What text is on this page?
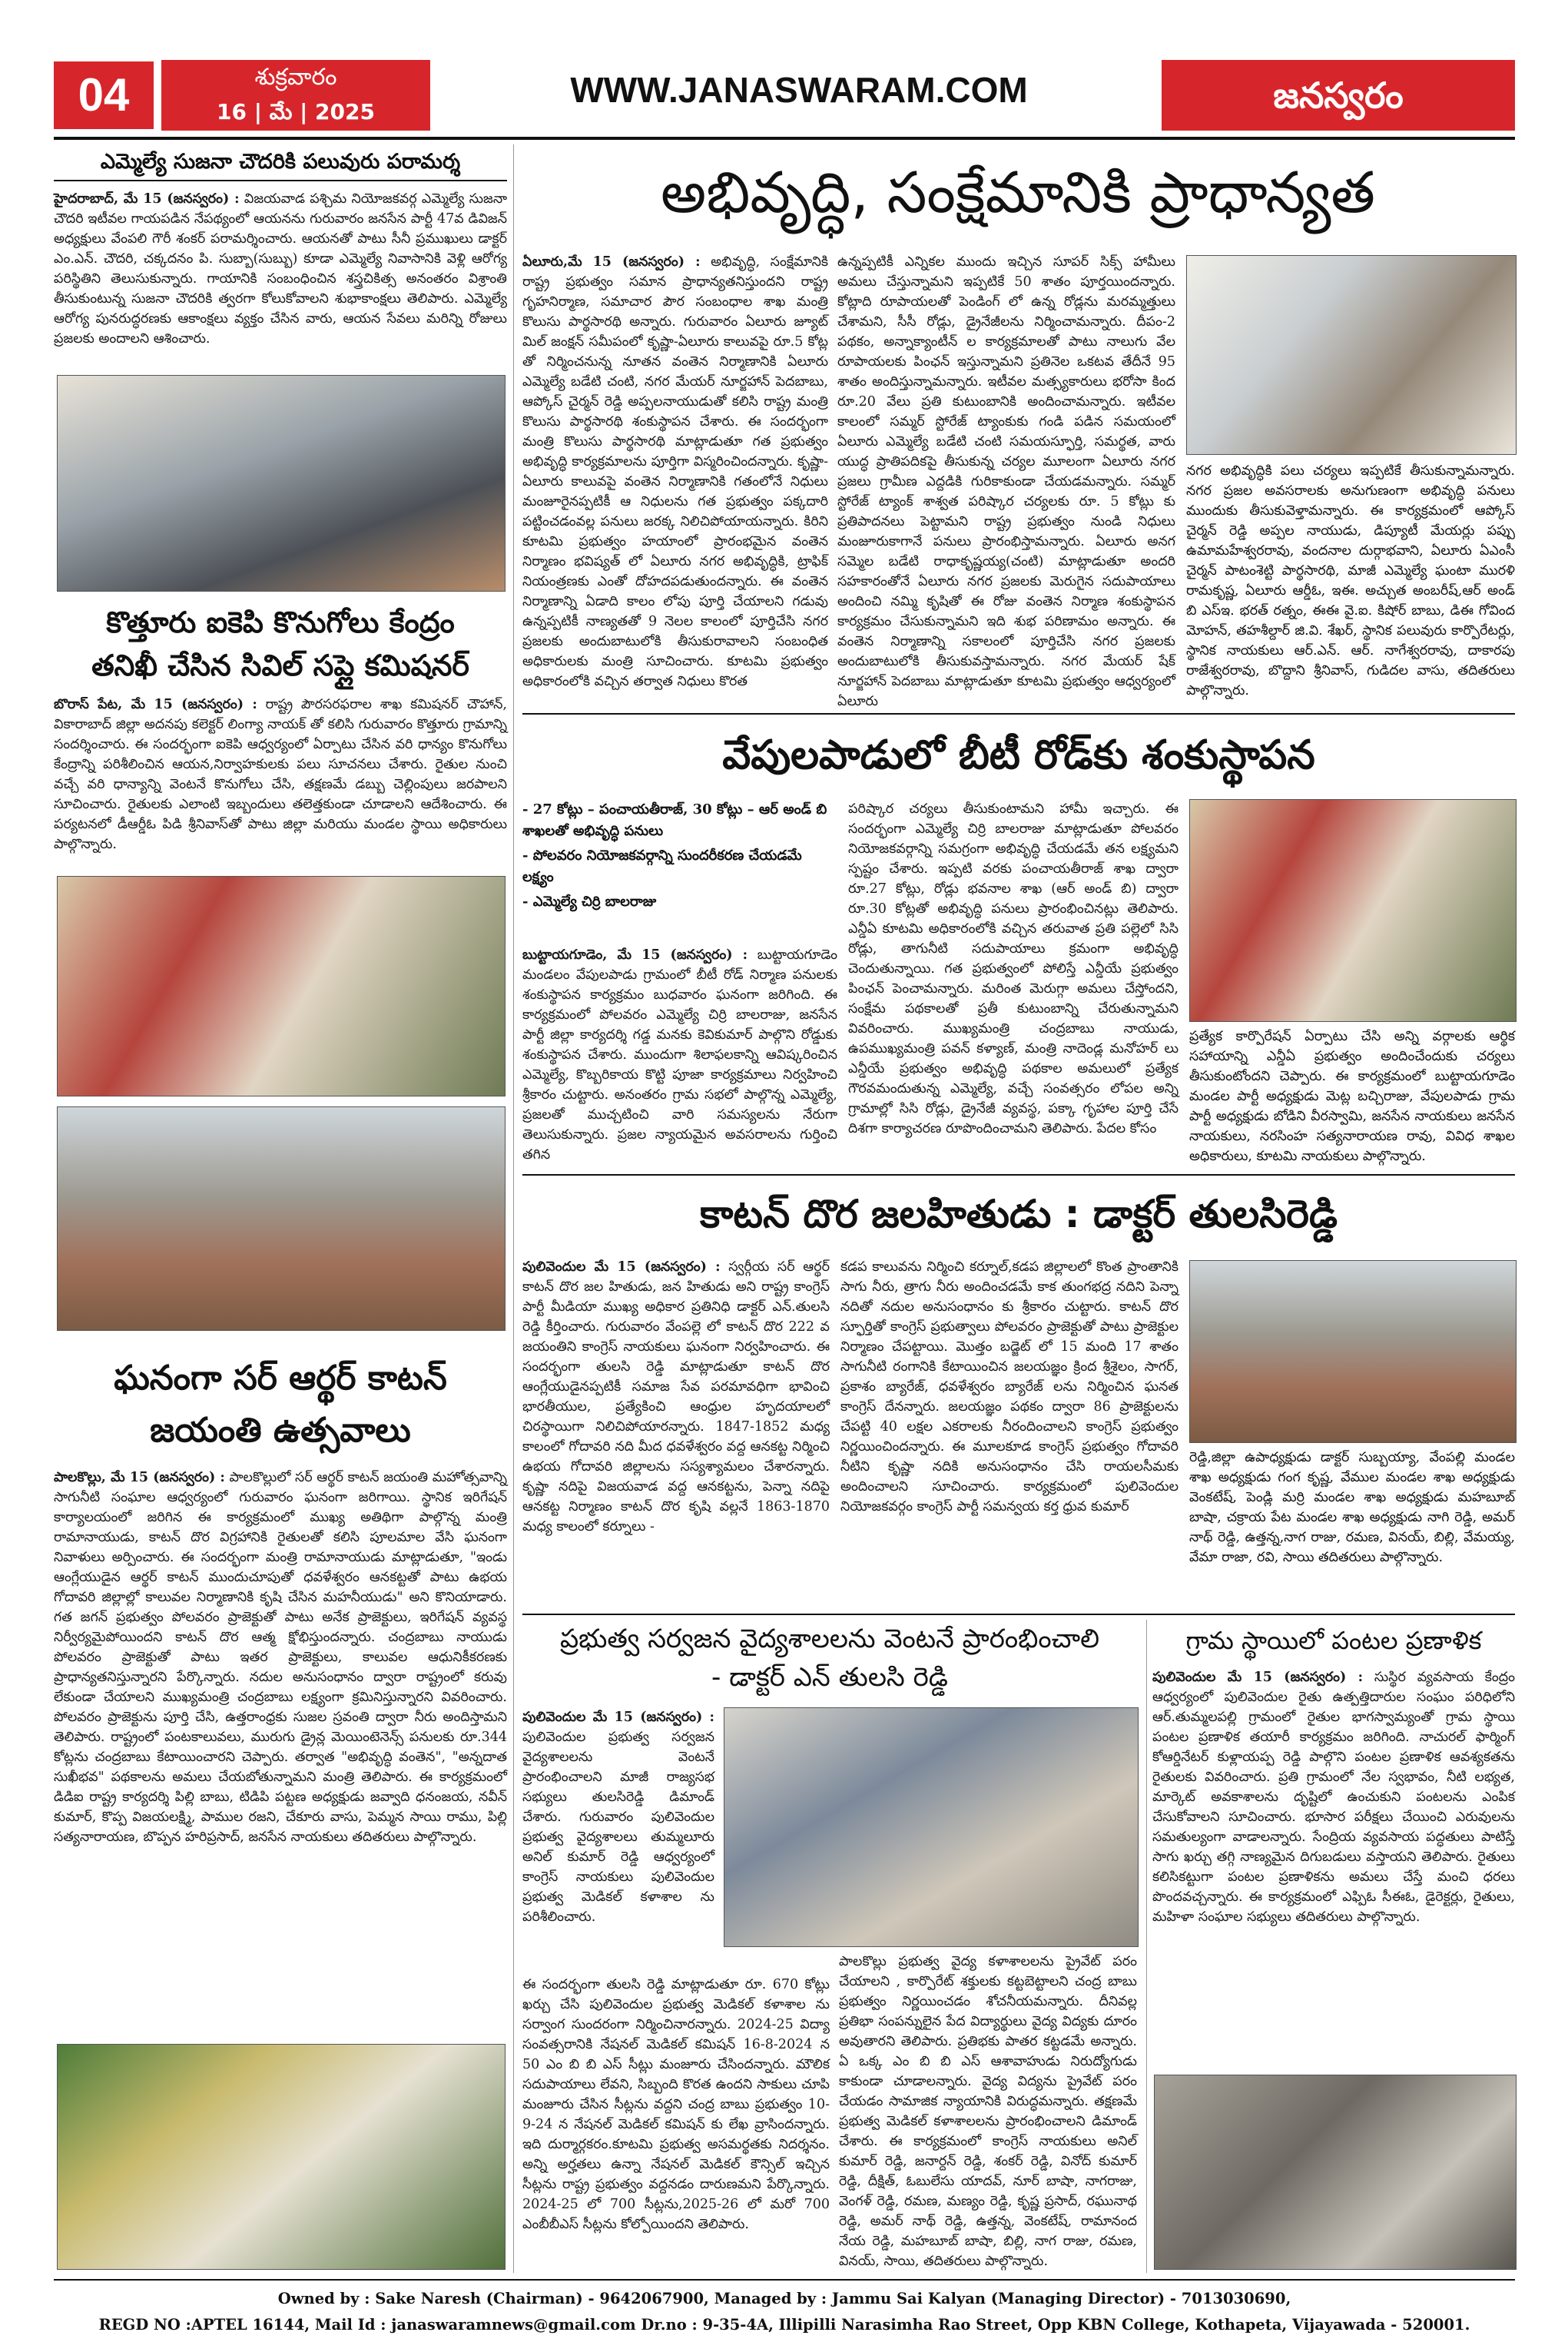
04	శుక్రవారం
16 | మే | 2025
WWW.JANASWARAM.COM	జనస్వరం
ఎమ్మెల్యే సుజనా చౌదరికి పలువురు పరామర్శ
హైదరాబాద్‌, మే 15 (జనస్వరం) : విజయవాడ పశ్చిమ నియోజకవర్గ ఎమ్మెల్యే సుజనా చౌదరి ఇటీవల గాయపడిన నేపథ్యంలో ఆయనను గురువారం జనసేన పార్టీ 47వ డివిజన్ అధ్యక్షులు వేంపలి గౌరీ శంకర్ పరామర్శించారు. ఆయనతో పాటు సీనీ ప్రముఖులు డాక్టర్ ఎం.ఎన్. చౌదరి, చక్కదనం పి. సుబ్బా(సుబ్బు) కూడా ఎమ్మెల్యే నివాసానికి వెళ్లి ఆరోగ్య పరిస్థితిని తెలుసుకున్నారు. గాయానికి సంబంధించిన శస్త్రచికిత్స అనంతరం విశ్రాంతి తీసుకుంటున్న సుజనా చౌదరికి త్వరగా కోలుకోవాలని శుభాకాంక్షలు తెలిపారు. ఎమ్మెల్యే ఆరోగ్య పునరుద్ధరణకు ఆకాంక్షలు వ్యక్తం చేసిన వారు, ఆయన సేవలు మరిన్ని రోజులు ప్రజలకు అందాలని ఆశించారు.
కొత్తూరు ఐకెపి కొనుగోలు కేంద్రం
తనిఖీ చేసిన సివిల్ సప్లై కమిషనర్
బొరాస్ పేట, మే 15 (జనస్వరం) : రాష్ట్ర పౌరసరఫరాల శాఖ కమిషనర్ చౌహాన్, వికారాబాద్ జిల్లా అదనపు కలెక్టర్ లింగ్యా నాయక్ తో కలిసి గురువారం కొత్తూరు గ్రామాన్ని సందర్శించారు. ఈ సందర్భంగా ఐకెపి ఆధ్వర్యంలో ఏర్పాటు చేసిన వరి ధాన్యం కొనుగోలు కేంద్రాన్ని పరిశీలించిన ఆయన,నిర్వాహకులకు పలు సూచనలు చేశారు. రైతుల నుంచి వచ్చే వరి ధాన్యాన్ని వెంటనే కొనుగోలు చేసి, తక్షణమే డబ్బు చెల్లింపులు జరపాలని సూచించారు. రైతులకు ఎలాంటి ఇబ్బందులు తలెత్తకుండా చూడాలని ఆదేశించారు. ఈ పర్యటనలో డీఆర్డీఓ పిడి శ్రీనివాస్‌తో పాటు జిల్లా మరియు మండల స్థాయి అధికారులు పాల్గొన్నారు.
ఘనంగా సర్ ఆర్థర్ కాటన్
జయంతి ఉత్సవాలు
పాలకొల్లు, మే 15 (జనస్వరం) : పాలకొల్లులో సర్ ఆర్థర్ కాటన్ జయంతి మహోత్సవాన్ని సాగునీటి సంఘాల ఆధ్వర్యంలో గురువారం ఘనంగా జరిగాయి. స్థానిక ఇరిగేషన్ కార్యాలయంలో జరిగిన ఈ కార్యక్రమంలో ముఖ్య అతిథిగా పాల్గొన్న మంత్రి రామానాయుడు, కాటన్ దొర విగ్రహానికి రైతులతో కలిసి పూలమాల వేసి ఘనంగా నివాళులు అర్పించారు. ఈ సందర్భంగా మంత్రి రామానాయుడు మాట్లాడుతూ, "ఇండు ఆంగ్లేయుడైన ఆర్థర్ కాటన్ ముందుచూపుతో ధవళేశ్వరం ఆనకట్టతో పాటు ఉభయ గోదావరి జిల్లాల్లో కాలువల నిర్మాణానికి కృషి చేసిన మహనీయుడు" అని కొనియాడారు. గత జగన్ ప్రభుత్వం పోలవరం ప్రాజెక్టుతో పాటు అనేక ప్రాజెక్టులు, ఇరిగేషన్ వ్యవస్థ నిర్వీర్యమైపోయిందని కాటన్ దొర ఆత్మ క్షోభిస్తుందన్నారు. చంద్రబాబు నాయుడు పోలవరం ప్రాజెక్టుతో పాటు ఇతర ప్రాజెక్టులు, కాలువల ఆధునికీకరణకు ప్రాధాన్యతనిస్తున్నారని పేర్కొన్నారు. నదుల అనుసంధానం ద్వారా రాష్ట్రంలో కరువు లేకుండా చేయాలని ముఖ్యమంత్రి చంద్రబాబు లక్ష్యంగా క్రమినిస్తున్నారని వివరించారు. పోలవరం ప్రాజెక్టును పూర్తి చేసి, ఉత్తరాంధ్రకు సుజల స్రవంతి ద్వారా నీరు అందిస్తామని తెలిపారు. రాష్ట్రంలో పంటకాలువలు, మురుగు డ్రైన్ల మెయింటెనెన్స్ పనులకు రూ.344 కోట్లను చంద్రబాబు కేటాయించారని చెప్పారు. తర్వాత "అభివృద్ధి వంతెన", "అన్నదాత సుఖీభవ" పథకాలను అమలు చేయబోతున్నామని మంత్రి తెలిపారు. ఈ కార్యక్రమంలో డిడిఐ రాష్ట్ర కార్యదర్శి పిల్లి బాబు, టిడిపి పట్టణ అధ్యక్షుడు జవ్వాది ధనంజయ, నవీన్ కుమార్, కొప్ప విజయలక్ష్మి, పాముల రజని, చేకూరు వాసు, పెమ్మన సాయి రాము, పిల్లి సత్యనారాయణ, బొప్పన హరిప్రసాద్, జనసేన నాయకులు తదితరులు పాల్గొన్నారు.
అభివృద్ధి, సంక్షేమానికి ప్రాధాన్యత
ఏలూరు,మే 15 (జనస్వరం) : అభివృద్ధి, సంక్షేమానికి రాష్ట్ర ప్రభుత్వం సమాన ప్రాధాన్యతనిస్తుందని రాష్ట్ర గృహనిర్మాణ, సమాచార పౌర సంబంధాల శాఖ మంత్రి కొలుసు పార్థసారథి అన్నారు. గురువారం ఏలూరు జ్యూట్ మిల్ జంక్షన్ సమీపంలో కృష్ణా-ఏలూరు కాలువపై రూ.5 కోట్ల తో నిర్మించనున్న నూతన వంతెన నిర్మాణానికి ఏలూరు ఎమ్మెల్యే బడేటి చంటి, నగర మేయర్ నూర్జహాన్ పెదబాబు, ఆప్కోస్ చైర్మన్ రెడ్డి అప్పలనాయుడుతో కలిసి రాష్ట్ర మంత్రి కొలుసు పార్థసారథి శంకుస్థాపన చేశారు. ఈ సందర్భంగా మంత్రి కొలుసు పార్థసారథి మాట్లాడుతూ గత ప్రభుత్వం అభివృద్ధి కార్యక్రమాలను పూర్తిగా విస్మరించిందన్నారు. కృష్ణా-ఏలూరు కాలువపై వంతెన నిర్మాణానికి గతంలోనే నిధులు మంజూరైనప్పటికీ ఆ నిధులను గత ప్రభుత్వం పక్కదారి పట్టించడంవల్ల పనులు జరక్క నిలిచిపోయాయన్నారు. కిరిని కూటమి ప్రభుత్వం హయాంలో ప్రారంభమైన వంతెన నిర్మాణం భవిష్యత్ లో ఏలూరు నగర అభివృద్ధికి, ట్రాఫిక్ నియంత్రణకు ఎంతో దోహదపడుతుందన్నారు. ఈ వంతెన నిర్మాణాన్ని ఏడాది కాలం లోపు పూర్తి చేయాలని గడువు ఉన్నప్పటికీ నాణ్యతతో 9 నెలల కాలంలో పూర్తిచేసి నగర ప్రజలకు అందుబాటులోకి తీసుకురావాలని సంబంధిత అధికారులకు మంత్రి సూచించారు. కూటమి ప్రభుత్వం అధికారంలోకి వచ్చిన తర్వాత నిధులు కొరత
ఉన్నప్పటికీ ఎన్నికల ముందు ఇచ్చిన సూపర్ సిక్స్ హామీలు అమలు చేస్తున్నామని ఇప్పటికే 50 శాతం పూర్తయిందన్నారు. కోట్లాది రూపాయలతో పెండింగ్ లో ఉన్న రోడ్లను మరమ్మత్తులు చేశామని, సీసీ రోడ్లు, డ్రైనేజీలను నిర్మించామన్నారు. దీపం-2 పథకం, అన్నాక్యాంటీన్ ల కార్యక్రమాలతో పాటు నాలుగు వేల రూపాయలకు పింఛన్ ఇస్తున్నామని ప్రతినెల ఒకటవ తేదీనే 95 శాతం అందిస్తున్నామన్నారు. ఇటీవల మత్స్యకారులు భరోసా కింద రూ.20 వేలు ప్రతి కుటుంబానికి అందించామన్నారు. ఇటీవల కాలంలో సమ్మర్ స్టోరేజ్ ట్యాంకుకు గండి పడిన సమయంలో ఏలూరు ఎమ్మెల్యే బడేటి చంటి సమయస్ఫూర్తి, సమర్థత, వారు యుద్ధ ప్రాతిపదికపై తీసుకున్న చర్యల మూలంగా ఏలూరు నగర ప్రజలు గ్రామీణ ఎద్దడికి గురికాకుండా చేయడమన్నారు. సమ్మర్ స్టోరేజ్ ట్యాంక్ శాశ్వత పరిష్కార చర్యలకు రూ. 5 కోట్లు కు ప్రతిపాదనలు పెట్టామని రాష్ట్ర ప్రభుత్వం నుండి నిధులు మంజూరుకాగానే పనులు ప్రారంభిస్తామన్నారు. ఏలూరు అనగ సమ్మెల బడేటి రాధాకృష్ణయ్య(చంటి) మాట్లాడుతూ అందరి సహకారంతోనే ఏలూరు నగర ప్రజలకు మెరుగైన సదుపాయాలు అందించి నమ్మి కృషితో ఈ రోజు వంతెన నిర్మాణ శంకుస్థాపన కార్యక్రమం చేసుకున్నామని ఇది శుభ పరిణామం అన్నారు. ఈ వంతెన నిర్మాణాన్ని సకాలంలో పూర్తిచేసి నగర ప్రజలకు అందుబాటులోకి తీసుకువస్తామన్నారు. నగర మేయర్ షేక్ నూర్జహాన్ పెదబాబు మాట్లాడుతూ కూటమి ప్రభుత్వం ఆధ్వర్యంలో ఏలూరు
నగర అభివృద్ధికి పలు చర్యలు ఇప్పటికే తీసుకున్నామన్నారు. నగర ప్రజల అవసరాలకు అనుగుణంగా అభివృద్ధి పనులు ముందుకు తీసుకువెళ్తామన్నారు. ఈ కార్యక్రమంలో ఆప్కోస్ చైర్మన్ రెడ్డి అప్పల నాయుడు, డిప్యూటీ మేయర్లు పప్పు ఉమామహేశ్వరరావు, వందనాల దుర్గాభవాని, ఏలూరు ఏఎంసీ చైర్మన్ పాటంశెట్టి పార్థసారథి, మాజీ ఎమ్మెల్యే ఘంటా మురళి రామకృష్ణ, ఏలూరు ఆర్డీఓ, ఇఈ. అచ్చుత అంబరీష్,ఆర్ అండ్ బి ఎస్ఇ. భరత్ రత్నం, ఈఈ వై.ఐ. కిషోర్ బాబు, డిఈ గోవింద మోహన్, తహశీల్దార్ జి.వి. శేఖర్, స్థానిక పలువురు కార్పొరేటర్లు, స్థానిక నాయకులు ఆర్.ఎన్. ఆర్. నాగేశ్వరరావు, దాకారపు రాజేశ్వరరావు, బొద్దాని శ్రీనివాస్, గుడిదల వాసు, తదితరులు పాల్గొన్నారు.
వేపులపాడులో బీటీ రోడ్‌కు శంకుస్థాపన
- 27 కోట్లు – పంచాయతీరాజ్, 30 కోట్లు – ఆర్ అండ్ బి శాఖలతో అభివృద్ధి పనులు
- పోలవరం నియోజకవర్గాన్ని సుందరీకరణ చేయడమే లక్ష్యం
- ఎమ్మెల్యే చిర్రి బాలరాజు
బుట్టాయగూడెం, మే 15 (జనస్వరం) : బుట్టాయగూడెం మండలం వేపులపాడు గ్రామంలో బీటీ రోడ్ నిర్మాణ పనులకు శంకుస్థాపన కార్యక్రమం బుధవారం ఘనంగా జరిగింది. ఈ కార్యక్రమంలో పోలవరం ఎమ్మెల్యే చిర్రి బాలరాజు, జనసేన పార్టీ జిల్లా కార్యదర్శి గడ్డ మనకు కెవికుమార్ పాల్గొని రోడ్డుకు శంకుస్థాపన చేశారు. ముందుగా శిలాఫలకాన్ని ఆవిష్కరించిన ఎమ్మెల్యే, కొబ్బరికాయ కొట్టి పూజా కార్యక్రమాలు నిర్వహించి శ్రీకారం చుట్టారు. అనంతరం గ్రామ సభలో పాల్గొన్న ఎమ్మెల్యే, ప్రజలతో ముచ్చటించి వారి సమస్యలను నేరుగా తెలుసుకున్నారు. ప్రజల న్యాయమైన అవసరాలను గుర్తించి తగిన
పరిష్కార చర్యలు తీసుకుంటామని హామీ ఇచ్చారు. ఈ సందర్భంగా ఎమ్మెల్యే చిర్రి బాలరాజు మాట్లాడుతూ పోలవరం నియోజకవర్గాన్ని సమగ్రంగా అభివృద్ధి చేయడమే తన లక్ష్యమని స్పష్టం చేశారు. ఇప్పటి వరకు పంచాయతీరాజ్ శాఖ ద్వారా రూ.27 కోట్లు, రోడ్లు భవనాల శాఖ (ఆర్ అండ్ బి) ద్వారా రూ.30 కోట్లతో అభివృద్ధి పనులు ప్రారంభించినట్లు తెలిపారు. ఎన్డీఏ కూటమి అధికారంలోకి వచ్చిన తరువాత ప్రతి పల్లెలో సిసి రోడ్లు, తాగునీటి సదుపాయాలు క్రమంగా అభివృద్ధి చెందుతున్నాయి. గత ప్రభుత్వంలో పోలిస్తే ఎన్డీయే ప్రభుత్వం పింఛన్ పెంచామన్నారు. మరింత మెరుగ్గా అమలు చేస్తోందని, సంక్షేమ పథకాలతో ప్రతీ కుటుంబాన్ని చేరుతున్నామని వివరించారు. ముఖ్యమంత్రి చంద్రబాబు నాయుడు, ఉపముఖ్యమంత్రి పవన్ కళ్యాణ్, మంత్రి నాదెండ్ల మనోహర్ లు ఎన్డీయే ప్రభుత్వం అభివృద్ధి పథకాల అమలులో ప్రత్యేక గౌరవమందుతున్న ఎమ్మెల్యే, వచ్చే సంవత్సరం లోపల అన్ని గ్రామాల్లో సిసి రోడ్లు, డ్రైనేజీ వ్యవస్థ, పక్కా గృహాల పూర్తి చేసే దిశగా కార్యాచరణ రూపొందించామని తెలిపారు. పేదల కోసం
ప్రత్యేక కార్పొరేషన్ ఏర్పాటు చేసి అన్ని వర్గాలకు ఆర్థిక సహాయాన్ని ఎన్డీఏ ప్రభుత్వం అందించేందుకు చర్యలు తీసుకుంటోందని చెప్పారు. ఈ కార్యక్రమంలో బుట్టాయగూడెం మండల పార్టీ అధ్యక్షుడు మెట్ల బచ్చిరాజు, వేపులపాడు గ్రామ పార్టీ అధ్యక్షుడు బోడిని వీరస్వామి, జనసేన నాయకులు జనసేన నాయకులు, నరసింహ సత్యనారాయణ రావు, వివిధ శాఖల అధికారులు, కూటమి నాయకులు పాల్గొన్నారు.
కాటన్ దొర జలహితుడు : డాక్టర్ తులసిరెడ్డి
పులివెందుల మే 15 (జనస్వరం) : స్వర్గీయ సర్ ఆర్థర్ కాటన్ దొర జల హితుడు, జన హితుడు అని రాష్ట్ర కాంగ్రెస్ పార్టీ మీడియా ముఖ్య అధికార ప్రతినిధి డాక్టర్ ఎన్.తులసి రెడ్డి కీర్తించారు. గురువారం వేంపల్లె లో కాటన్ దొర 222 వ జయంతిని కాంగ్రెస్ నాయకులు ఘనంగా నిర్వహించారు. ఈ సందర్భంగా తులసి రెడ్డి మాట్లాడుతూ కాటన్ దొర ఆంగ్లేయుడైనప్పటికీ సమాజ సేవ పరమావధిగా భావించి భారతీయుల, ప్రత్యేకించి ఆంధ్రుల హృదయాలలో చిరస్థాయిగా నిలిచిపోయారన్నారు. 1847-1852 మధ్య కాలంలో గోదావరి నది మీద ధవళేశ్వరం వద్ద ఆనకట్ట నిర్మించి ఉభయ గోదావరి జిల్లాలను సస్యశ్యామలం చేశారన్నారు. కృష్ణా నదిపై విజయవాడ వద్ద ఆనకట్టను, పెన్నా నదిపై ఆనకట్ట నిర్మాణం కాటన్ దొర కృషి వల్లనే 1863-1870 మధ్య కాలంలో కర్నూలు -
కడప కాలువను నిర్మించి కర్నూల్,కడప జిల్లాలలో కొంత ప్రాంతానికి సాగు నీరు, త్రాగు నీరు అందించడమే కాక తుంగభద్ర నదిని పెన్నా నదితో నదుల అనుసంధానం కు శ్రీకారం చుట్టారు. కాటన్ దొర స్ఫూర్తితో కాంగ్రెస్ ప్రభుత్వాలు పోలవరం ప్రాజెక్టుతో పాటు ప్రాజెక్టుల నిర్మాణం చేపట్టాయి. మొత్తం బడ్జెట్ లో 15 మంది 17 శాతం సాగునీటి రంగానికి కేటాయించిన జలయజ్ఞం క్రింద శ్రీశైలం, సాగర్, ప్రకాశం బ్యారేజ్, ధవళేశ్వరం బ్యారేజ్ లను నిర్మించిన ఘనత కాంగ్రెస్ దేనన్నారు. జలయజ్ఞం పథకం ద్వారా 86 ప్రాజెక్టులను చేపట్టి 40 లక్షల ఎకరాలకు నీరందించాలని కాంగ్రెస్ ప్రభుత్వం నిర్ణయించిందన్నారు. ఈ మూలకూడ కాంగ్రెస్ ప్రభుత్వం గోదావరి నీటిని కృష్ణా నదికి అనుసంధానం చేసి రాయలసీమకు అందించాలని సూచించారు. కార్యక్రమంలో పులివెందుల నియోజకవర్గం కాంగ్రెస్ పార్టీ సమన్వయ కర్త ధ్రువ కుమార్
రెడ్డి,జిల్లా ఉపాధ్యక్షుడు డాక్టర్ సుబ్బయ్యా, వేంపల్లి మండల శాఖ అధ్యక్షుడు గంగ కృష్ణ, వేముల మండల శాఖ అధ్యక్షుడు వెంకటేష్, పెండ్లి మర్రి మండల శాఖ అధ్యక్షుడు మహబూబ్ బాషా, చక్రాయ పేట మండల శాఖ అధ్యక్షుడు నాగి రెడ్డి, అమర్ నాథ్ రెడ్డి, ఉత్తన్న,నాగ రాజు, రమణ, వినయ్, బిల్లి, వేమయ్య, వేమా రాజా, రవి, సాయి తదితరులు పాల్గొన్నారు.
ప్రభుత్వ సర్వజన వైద్యశాలలను వెంటనే ప్రారంభించాలి
- డాక్టర్ ఎన్ తులసి రెడ్డి
పులివెందుల మే 15 (జనస్వరం) : పులివెందుల ప్రభుత్వ సర్వజన వైద్యశాలలను వెంటనే ప్రారంభించాలని మాజీ రాజ్యసభ సభ్యులు తులసిరెడ్డి డిమాండ్ చేశారు. గురువారం పులివెందుల ప్రభుత్వ వైద్యశాలలు తుమ్మలూరు అనిల్ కుమార్ రెడ్డి ఆధ్వర్యంలో కాంగ్రెస్ నాయకులు పులివెందుల ప్రభుత్వ మెడికల్ కళాశాల ను పరిశీలించారు.
ఈ సందర్భంగా తులసి రెడ్డి మాట్లాడుతూ రూ. 670 కోట్లు ఖర్చు చేసి పులివెందుల ప్రభుత్వ మెడికల్ కళాశాల ను సర్వాంగ సుందరంగా నిర్మించినారన్నారు. 2024-25 విద్యా సంవత్సరానికి నేషనల్ మెడికల్ కమిషన్ 16-8-2024 న 50 ఎం బి బి ఎస్ సీట్లు మంజూరు చేసిందన్నారు. మౌలిక సదుపాయాలు లేవని, సిబ్బంది కొరత ఉందని సాకులు చూపి మంజూరు చేసిన సీట్లను వద్దని చంద్ర బాబు ప్రభుత్వం 10-9-24 న నేషనల్ మెడికల్ కమిషన్ కు లేఖ వ్రాసిందన్నారు. ఇది దుర్మార్గకరం.కూటమి ప్రభుత్వ అసమర్థతకు నిదర్శనం. అన్ని అర్హతలు ఉన్నా నేషనల్ మెడికల్ కౌన్సిల్ ఇచ్చిన సీట్లను రాష్ట్ర ప్రభుత్వం వద్దనడం దారుణమని పేర్కొన్నారు. 2024-25 లో 700 సీట్లను,2025-26 లో మరో 700 ఎంబీబీఎస్ సీట్లను కోల్పోయిందని తెలిపారు.
పాలకొల్లు ప్రభుత్వ వైద్య కళాశాలలను ప్రైవేట్ పరం చేయాలని , కార్పొరేట్ శక్తులకు కట్టబెట్టాలని చంద్ర బాబు ప్రభుత్వం నిర్ణయించడం శోచనీయమన్నారు. దీనివల్ల ప్రతిభా సంపన్నులైన పేద విద్యార్థులు వైద్య విద్యకు దూరం అవుతారని తెలిపారు. ప్రతిభకు పాతర కట్టడమే అన్నారు. ఏ ఒక్క ఎం బి బి ఎస్ ఆశావాహుడు నిరుద్యోగుడు కాకుండా చూడాలన్నారు. వైద్య విద్యను ప్రైవేట్ పరం చేయడం సామాజిక న్యాయానికి విరుద్ధమన్నారు. తక్షణమే ప్రభుత్వ మెడికల్ కళాశాలలను ప్రారంభించాలని డిమాండ్ చేశారు. ఈ కార్యక్రమంలో కాంగ్రెస్ నాయకులు అనిల్ కుమార్ రెడ్డి, జనార్దన్ రెడ్డి, శంకర్ రెడ్డి, వినోద్ కుమార్ రెడ్డి, దీక్షిత్, ఓబులేసు యాదవ్, నూర్ బాషా, నాగరాజు, వెంగళ్ రెడ్డి, రమణ, మణ్యం రెడ్డి, కృష్ణ ప్రసాద్, రఘునాథ రెడ్డి, అమర్ నాథ్ రెడ్డి, ఉత్తన్న, వెంకటేష్, రామానంద నేయ రెడ్డి, మహబూబ్ బాషా, బిల్లి, నాగ రాజు, రమణ, వినయ్, సాయి, తదితరులు పాల్గొన్నారు.
గ్రామ స్థాయిలో పంటల ప్రణాళిక
పులివెందుల మే 15 (జనస్వరం) : సుస్థిర వ్యవసాయ కేంద్రం ఆధ్వర్యంలో పులివెందుల రైతు ఉత్పత్తిదారుల సంఘం పరిధిలోని ఆర్.తుమ్మలపల్లి గ్రామంలో రైతుల భాగస్వామ్యంతో గ్రామ స్థాయి పంటల ప్రణాళిక తయారీ కార్యక్రమం జరిగింది. నాచురల్ ఫార్మింగ్ కోఆర్డినేటర్ కుళ్లాయప్ప రెడ్డి పాల్గొని పంటల ప్రణాళిక ఆవశ్యకతను రైతులకు వివరించారు. ప్రతి గ్రామంలో నేల స్వభావం, నీటి లభ్యత, మార్కెట్ అవకాశాలను దృష్టిలో ఉంచుకుని పంటలను ఎంపిక చేసుకోవాలని సూచించారు. భూసార పరీక్షలు చేయించి ఎరువులను సమతుల్యంగా వాడాలన్నారు. సేంద్రియ వ్యవసాయ పద్ధతులు పాటిస్తే సాగు ఖర్చు తగ్గి నాణ్యమైన దిగుబడులు వస్తాయని తెలిపారు. రైతులు కలిసికట్టుగా పంటల ప్రణాళికను అమలు చేస్తే మంచి ధరలు పొందవచ్చన్నారు. ఈ కార్యక్రమంలో ఎఫ్పిఓ సీఈఓ, డైరెక్టర్లు, రైతులు, మహిళా సంఘాల సభ్యులు తదితరులు పాల్గొన్నారు.
Owned by : Sake Naresh (Chairman) - 9642067900, Managed by : Jammu Sai Kalyan (Managing Director) - 7013030690,
REGD NO :APTEL 16144, Mail Id : janaswaramnews@gmail.com Dr.no : 9-35-4A, Illipilli Narasimha Rao Street, Opp KBN College, Kothapeta, Vijayawada - 520001.
